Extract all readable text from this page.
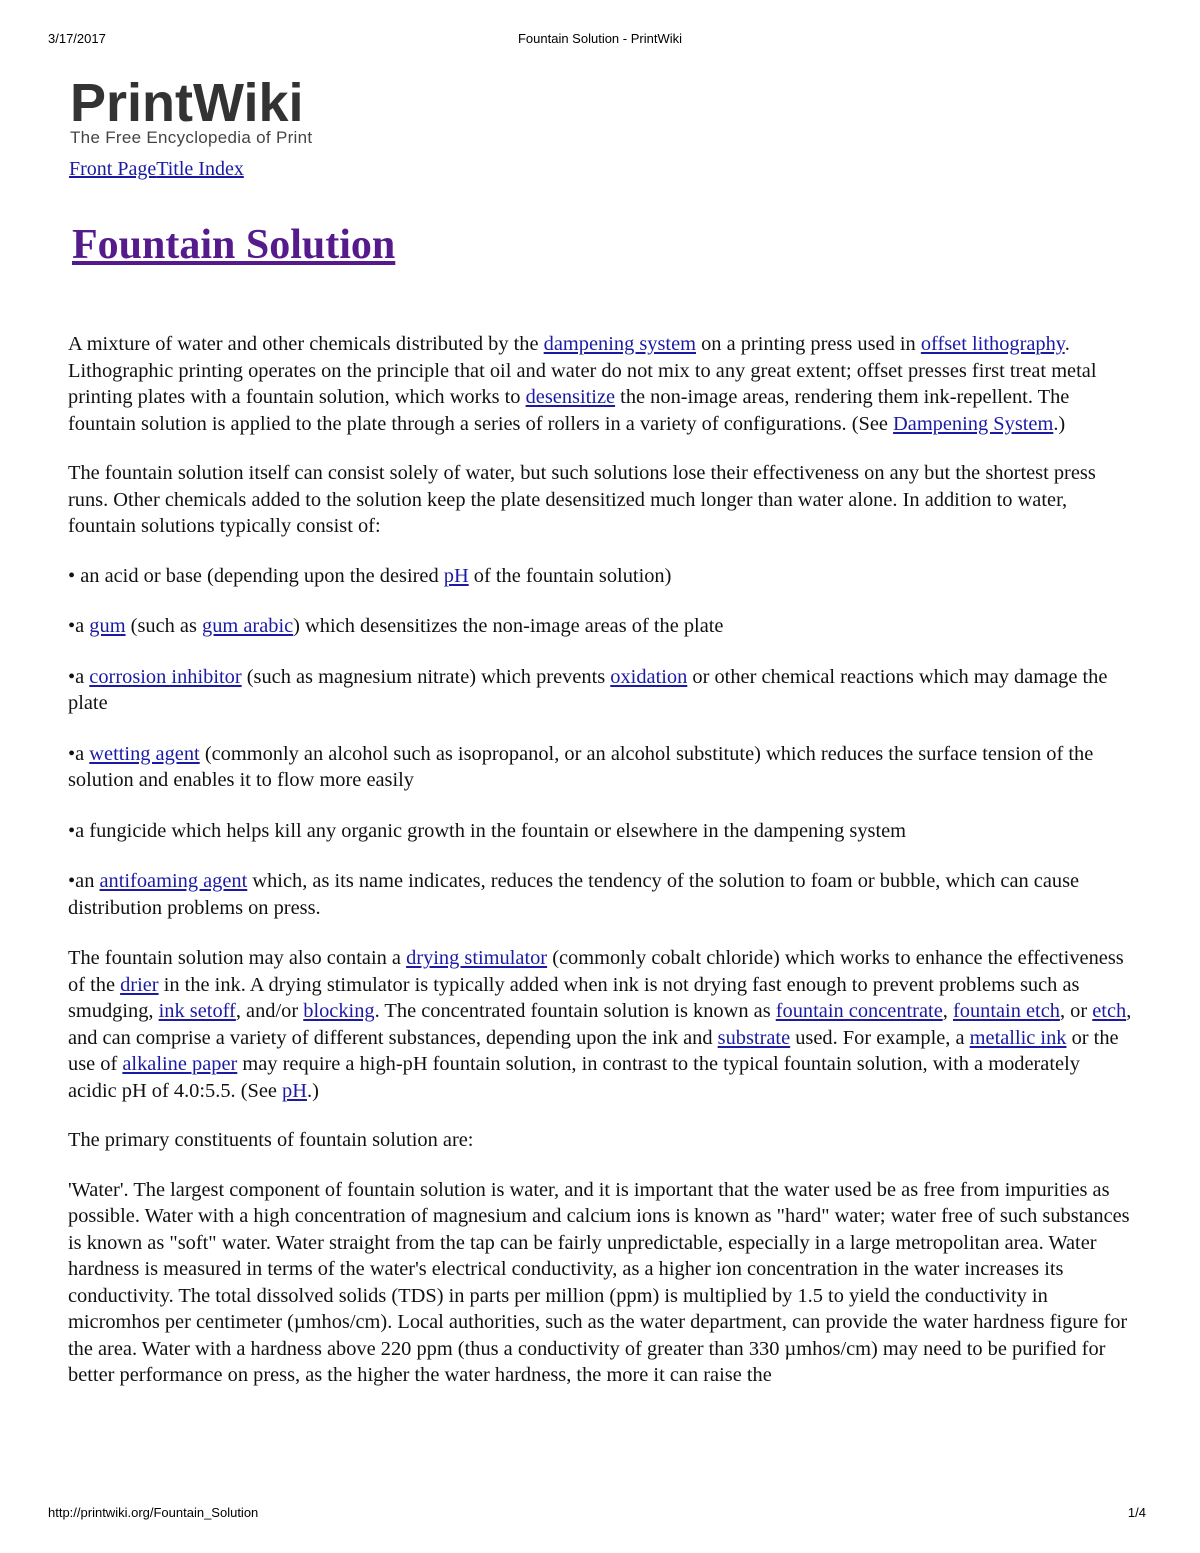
3/17/2017	Fountain Solution - PrintWiki
PrintWiki
The Free Encyclopedia of Print
Front PageTitle Index
Fountain Solution

A mixture of water and other chemicals distributed by the dampening system on a printing press used in offset lithography. Lithographic printing operates on the principle that oil and water do not mix to any great extent; offset presses first treat metal printing plates with a fountain solution, which works to desensitize the non-image areas, rendering them ink-repellent. The fountain solution is applied to the plate through a series of rollers in a variety of configurations. (See Dampening System.)

The fountain solution itself can consist solely of water, but such solutions lose their effectiveness on any but the shortest press runs. Other chemicals added to the solution keep the plate desensitized much longer than water alone. In addition to water, fountain solutions typically consist of:

• an acid or base (depending upon the desired pH of the fountain solution)

•a gum (such as gum arabic) which desensitizes the non-image areas of the plate

•a corrosion inhibitor (such as magnesium nitrate) which prevents oxidation or other chemical reactions which may damage the plate

•a wetting agent (commonly an alcohol such as isopropanol, or an alcohol substitute) which reduces the surface tension of the solution and enables it to flow more easily

•a fungicide which helps kill any organic growth in the fountain or elsewhere in the dampening system

•an antifoaming agent which, as its name indicates, reduces the tendency of the solution to foam or bubble, which can cause distribution problems on press.

The fountain solution may also contain a drying stimulator (commonly cobalt chloride) which works to enhance the effectiveness of the drier in the ink. A drying stimulator is typically added when ink is not drying fast enough to prevent problems such as smudging, ink setoff, and/or blocking. The concentrated fountain solution is known as fountain concentrate, fountain etch, or etch, and can comprise a variety of different substances, depending upon the ink and substrate used. For example, a metallic ink or the use of alkaline paper may require a high-pH fountain solution, in contrast to the typical fountain solution, with a moderately acidic pH of 4.0:5.5. (See pH.)

The primary constituents of fountain solution are:

'Water'. The largest component of fountain solution is water, and it is important that the water used be as free from impurities as possible. Water with a high concentration of magnesium and calcium ions is known as "hard" water; water free of such substances is known as "soft" water. Water straight from the tap can be fairly unpredictable, especially in a large metropolitan area. Water hardness is measured in terms of the water's electrical conductivity, as a higher ion concentration in the water increases its conductivity. The total dissolved solids (TDS) in parts per million (ppm) is multiplied by 1.5 to yield the conductivity in micromhos per centimeter (µmhos/cm). Local authorities, such as the water department, can provide the water hardness figure for the area. Water with a hardness above 220 ppm (thus a conductivity of greater than 330 µmhos/cm) may need to be purified for better performance on press, as the higher the water hardness, the more it can raise the

http://printwiki.org/Fountain_Solution	1/4
